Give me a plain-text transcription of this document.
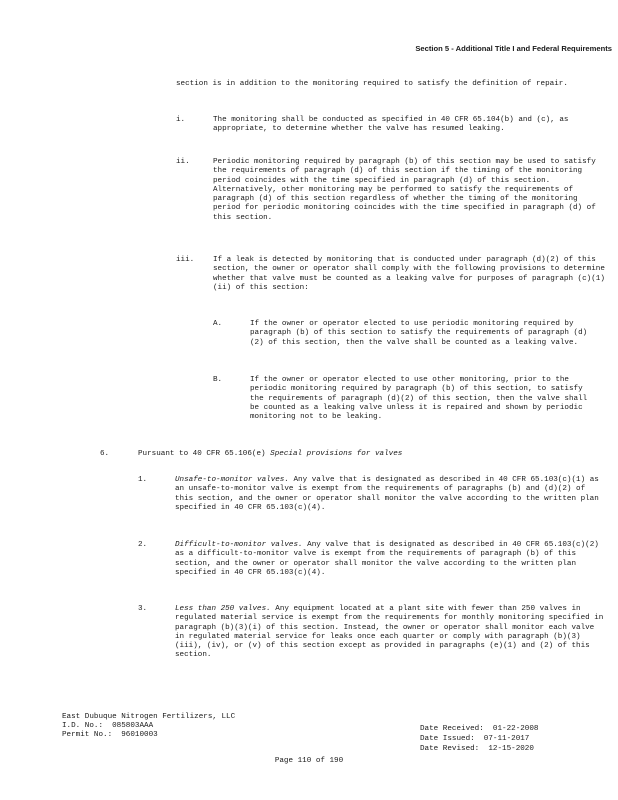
Section 5 - Additional Title I and Federal Requirements

section is in addition to the monitoring required to satisfy the definition of repair.

i.	The monitoring shall be conducted as specified in 40 CFR 65.104(b) and (c), as appropriate, to determine whether the valve has resumed leaking.

ii.	Periodic monitoring required by paragraph (b) of this section may be used to satisfy the requirements of paragraph (d) of this section if the timing of the monitoring period coincides with the time specified in paragraph (d) of this section. Alternatively, other monitoring may be performed to satisfy the requirements of paragraph (d) of this section regardless of whether the timing of the monitoring period for periodic monitoring coincides with the time specified in paragraph (d) of this section.

iii. If a leak is detected by monitoring that is conducted under paragraph (d)(2) of this section, the owner or operator shall comply with the following provisions to determine whether that valve must be counted as a leaking valve for purposes of paragraph (c)(1)(ii) of this section:

A.	If the owner or operator elected to use periodic monitoring required by paragraph (b) of this section to satisfy the requirements of paragraph (d)(2) of this section, then the valve shall be counted as a leaking valve.

B.	If the owner or operator elected to use other monitoring, prior to the periodic monitoring required by paragraph (b) of this section, to satisfy the requirements of paragraph (d)(2) of this section, then the valve shall be counted as a leaking valve unless it is repaired and shown by periodic monitoring not to be leaking.

6.	Pursuant to 40 CFR 65.106(e) Special provisions for valves
1.	Unsafe-to-monitor valves. Any valve that is designated as described in 40 CFR 65.103(c)(1) as an unsafe-to-monitor valve is exempt from the requirements of paragraphs (b) and (d)(2) of this section, and the owner or operator shall monitor the valve according to the written plan specified in 40 CFR 65.103(c)(4).

2.	Difficult-to-monitor valves. Any valve that is designated as described in 40 CFR 65.103(c)(2) as a difficult-to-monitor valve is exempt from the requirements of paragraph (b) of this section, and the owner or operator shall monitor the valve according to the written plan specified in 40 CFR 65.103(c)(4).

3.	Less than 250 valves. Any equipment located at a plant site with fewer than 250 valves in regulated material service is exempt from the requirements for monthly monitoring specified in paragraph (b)(3)(i) of this section. Instead, the owner or operator shall monitor each valve in regulated material service for leaks once each quarter or comply with paragraph (b)(3)(iii), (iv), or (v) of this section except as provided in paragraphs (e)(1) and (2) of this section.

East Dubuque Nitrogen Fertilizers, LLC
I.D. No.:  085803AAA
Permit No.:  96010003
Date Received:  01-22-2008
Date Issued:  07-11-2017
Date Revised:  12-15-2020
Page 110 of 190
